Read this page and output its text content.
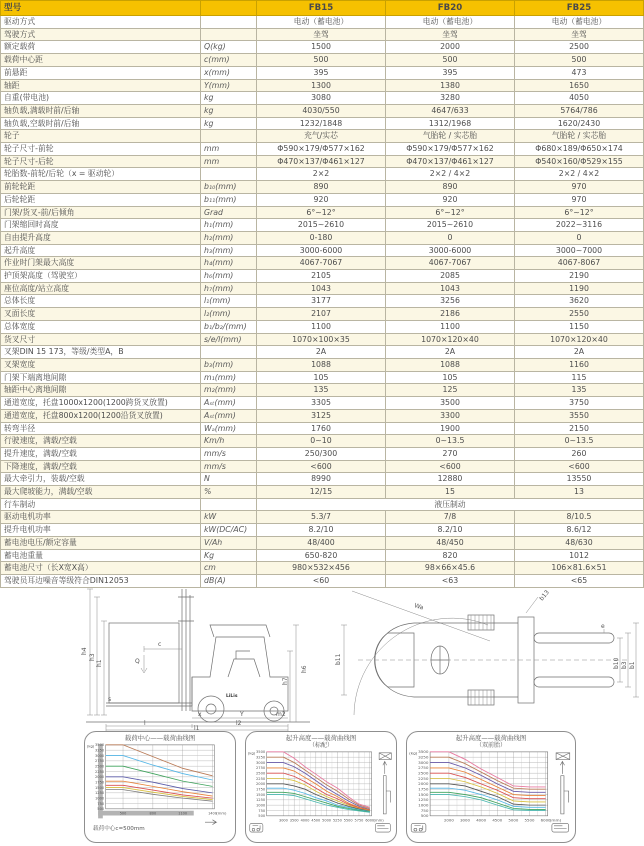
型号		FB15	FB20	FB25
驱动方式		电动（蓄电池）	电动（蓄电池）	电动（蓄电池）
驾驶方式		坐驾	坐驾	坐驾
额定载荷	Q(kg)	1500	2000	2500
载荷中心距	c(mm)	500	500	500
前悬距	x(mm)	395	395	473
轴距	Y(mm)	1300	1380	1650
自重(带电池)	kg	3080	3280	4050
轴负载,满载时前/后轴	kg	4030/550	4647/633	5764/786
轴负载,空载时前/后轴	kg	1232/1848	1312/1968	1620/2430
轮子		充气/实芯	气胎轮 / 实芯胎	气胎轮 / 实芯胎
轮子尺寸-前轮	mm	Φ590×179/Φ577×162	Φ590×179/Φ577×162	Φ680×189/Φ650×174
轮子尺寸-后轮	mm	Φ470×137/Φ461×127	Φ470×137/Φ461×127	Φ540×160/Φ529×155
轮胎数-前轮/后轮（x = 驱动轮）		2×2	2×2 / 4×2	2×2 / 4×2
前轮轮距	b₁₀(mm)	890	890	970
后轮轮距	b₁₁(mm)	920	920	970
门架/货叉-前/后倾角	Grad	6°~12°	6°~12°	6°~12°
门架缩回时高度	h₁(mm)	2015~2610	2015~2610	2022~3116
自由提升高度	h₂(mm)	0-180	0	0
起升高度	h₃(mm)	3000-6000	3000-6000	3000~7000
作业时门架最大高度	h₄(mm)	4067-7067	4067-7067	4067-8067
护顶架高度（驾驶室）	h₆(mm)	2105	2085	2190
座位高度/站立高度	h₇(mm)	1043	1043	1190
总体长度	l₁(mm)	3177	3256	3620
叉面长度	l₂(mm)	2107	2186	2550
总体宽度	b₁/b₂/(mm)	1100	1100	1150
货叉尺寸	s/e/l(mm)	1070×100×35	1070×120×40	1070×120×40
叉架DIN 15 173，等级/类型A，B		2A	2A	2A
叉架宽度	b₃(mm)	1088	1088	1160
门架下端离地间隙	m₁(mm)	105	105	115
轴距中心离地间隙	m₂(mm)	135	125	135
通道宽度，托盘1000x1200(1200跨货叉放置)	Aₛₜ(mm)	3305	3500	3750
通道宽度，托盘800x1200(1200沿货叉放置)	Aₛₜ(mm)	3125	3300	3550
转弯半径	Wₐ(mm)	1760	1900	2150
行驶速度，满载/空载	Km/h	0~10	0~13.5	0~13.5
提升速度，满载/空载	mm/s	250/300	270	260
下降速度，满载/空载	mm/s	<600	<600	<600
最大牵引力，装载/空载	N	8990	12880	13550
最大爬坡能力，满载/空载	%	12/15	15	13
行车制动		液压制动		
驱动电机功率	kW	5.3/7	7/8	8/10.5
提升电机功率	kW(DC/AC)	8.2/10	8.2/10	8.6/12
蓄电池电压/额定容量	V/Ah	48/400	48/450	48/630
蓄电池重量	Kg	650-820	820	1012
蓄电池尺寸（长X宽X高）	cm	980×532×456	98×66×45.6	106×81.6×51
驾驶员耳边噪音等级符合DIN12053	dB(A)	<60	<63	<65
h4
h3
h1
c
Q
s	LiLis
h6
h7
x	Y	m2
l	l2
l1
Wa
b13
e
b11	b10 b3 b1
载荷中心——载荷曲线图
3500
3250
3000
2750
2500
2250
2000
1750
1500
1250
1000
750
500
500	800	1100	1400
(kg)
(mm)
载荷中心c=500mm
起升高度——载荷曲线图
（标配）
3500
3250
3000
2750
2500
2250
2000
1750
1500
1250
1000
750
500
3000 3500 4000 4500 5000 5250 5500 5750 6000
(kg)
(mm)
起升高度——载荷曲线图
（双前胎）
3500
3250
3000
2750
2500
2250
2000
1750
1500
1250
1000
750
500
2000 3000 4000 4500 5000 5500 6000
(kg)
(mm)
